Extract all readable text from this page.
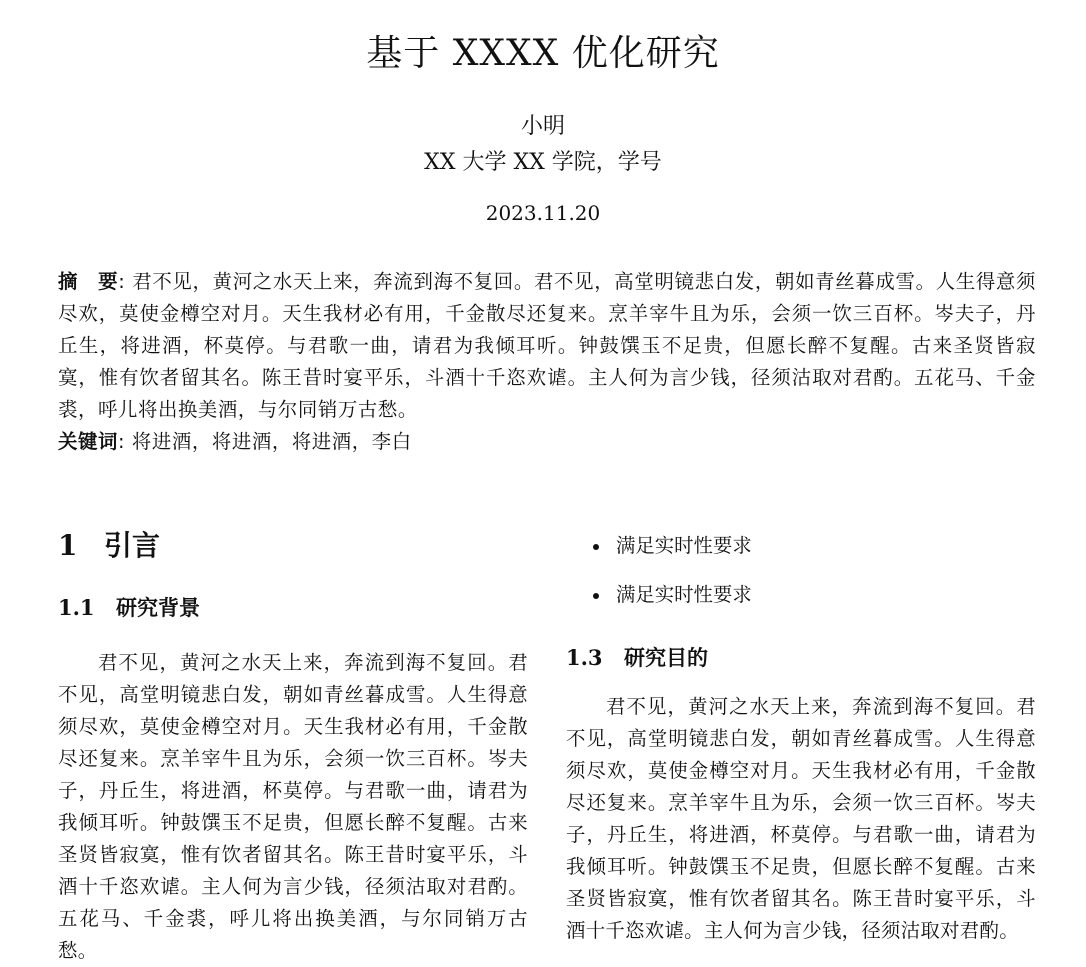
基于 XXXX 优化研究
小明
XX 大学 XX 学院，学号
2023.11.20
摘　要: 君不见，黄河之水天上来，奔流到海不复回。君不见，高堂明镜悲白发，朝如青丝暮成雪。人生得意须尽欢，莫使金樽空对月。天生我材必有用，千金散尽还复来。烹羊宰牛且为乐，会须一饮三百杯。岑夫子，丹丘生，将进酒，杯莫停。与君歌一曲，请君为我倾耳听。钟鼓馔玉不足贵，但愿长醉不复醒。古来圣贤皆寂寞，惟有饮者留其名。陈王昔时宴平乐，斗酒十千恣欢谑。主人何为言少钱，径须沽取对君酌。五花马、千金裘，呼儿将出换美酒，与尔同销万古愁。
关键词: 将进酒，将进酒，将进酒，李白
1 引言
1.1 研究背景

君不见，黄河之水天上来，奔流到海不复回。君不见，高堂明镜悲白发，朝如青丝暮成雪。人生得意须尽欢，莫使金樽空对月。天生我材必有用，千金散尽还复来。烹羊宰牛且为乐，会须一饮三百杯。岑夫子，丹丘生，将进酒，杯莫停。与君歌一曲，请君为我倾耳听。钟鼓馔玉不足贵，但愿长醉不复醒。古来圣贤皆寂寞，惟有饮者留其名。陈王昔时宴平乐，斗酒十千恣欢谑。主人何为言少钱，径须沽取对君酌。五花马、千金裘，呼儿将出换美酒，与尔同销万古愁。

满足实时性要求
满足实时性要求
1.3 研究目的

君不见，黄河之水天上来，奔流到海不复回。君不见，高堂明镜悲白发，朝如青丝暮成雪。人生得意须尽欢，莫使金樽空对月。天生我材必有用，千金散尽还复来。烹羊宰牛且为乐，会须一饮三百杯。岑夫子，丹丘生，将进酒，杯莫停。与君歌一曲，请君为我倾耳听。钟鼓馔玉不足贵，但愿长醉不复醒。古来圣贤皆寂寞，惟有饮者留其名。陈王昔时宴平乐，斗酒十千恣欢谑。主人何为言少钱，径须沽取对君酌。
